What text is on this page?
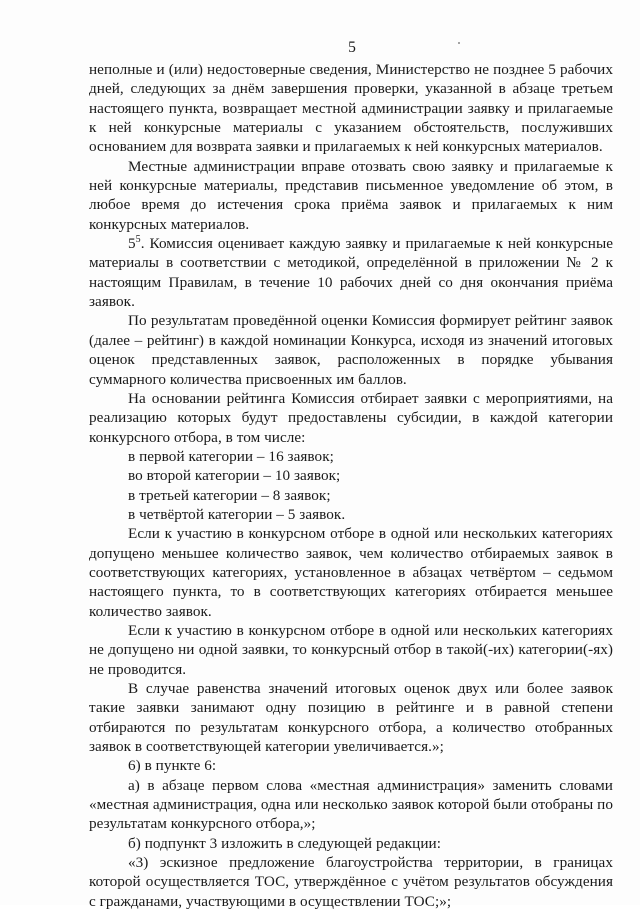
5

неполные и (или) недостоверные сведения, Министерство не позднее 5 рабочих дней, следующих за днём завершения проверки, указанной в абзаце третьем настоящего пункта, возвращает местной администрации заявку и прилагаемые к ней конкурсные материалы с указанием обстоятельств, послуживших основанием для возврата заявки и прилагаемых к ней конкурсных материалов.

Местные администрации вправе отозвать свою заявку и прилагаемые к ней конкурсные материалы, представив письменное уведомление об этом, в любое время до истечения срока приёма заявок и прилагаемых к ним конкурсных материалов.

$5^5$. Комиссия оценивает каждую заявку и прилагаемые к ней конкурсные материалы в соответствии с методикой, определённой в приложении № 2 к настоящим Правилам, в течение 10 рабочих дней со дня окончания приёма заявок.

По результатам проведённой оценки Комиссия формирует рейтинг заявок (далее – рейтинг) в каждой номинации Конкурса, исходя из значений итоговых оценок представленных заявок, расположенных в порядке убывания суммарного количества присвоенных им баллов.

На основании рейтинга Комиссия отбирает заявки с мероприятиями, на реализацию которых будут предоставлены субсидии, в каждой категории конкурсного отбора, в том числе:

в первой категории – 16 заявок;

во второй категории – 10 заявок;

в третьей категории – 8 заявок;

в четвёртой категории – 5 заявок.

Если к участию в конкурсном отборе в одной или нескольких категориях допущено меньшее количество заявок, чем количество отбираемых заявок в соответствующих категориях, установленное в абзацах четвёртом – седьмом настоящего пункта, то в соответствующих категориях отбирается меньшее количество заявок.

Если к участию в конкурсном отборе в одной или нескольких категориях не допущено ни одной заявки, то конкурсный отбор в такой(-их) категории(-ях) не проводится.

В случае равенства значений итоговых оценок двух или более заявок такие заявки занимают одну позицию в рейтинге и в равной степени отбираются по результатам конкурсного отбора, а количество отобранных заявок в соответствующей категории увеличивается.»;

6) в пункте 6:

а) в абзаце первом слова «местная администрация» заменить словами «местная администрация, одна или несколько заявок которой были отобраны по результатам конкурсного отбора,»;

б) подпункт 3 изложить в следующей редакции:

«3) эскизное предложение благоустройства территории, в границах которой осуществляется ТОС, утверждённое с учётом результатов обсуждения с гражданами, участвующими в осуществлении ТОС;»;
